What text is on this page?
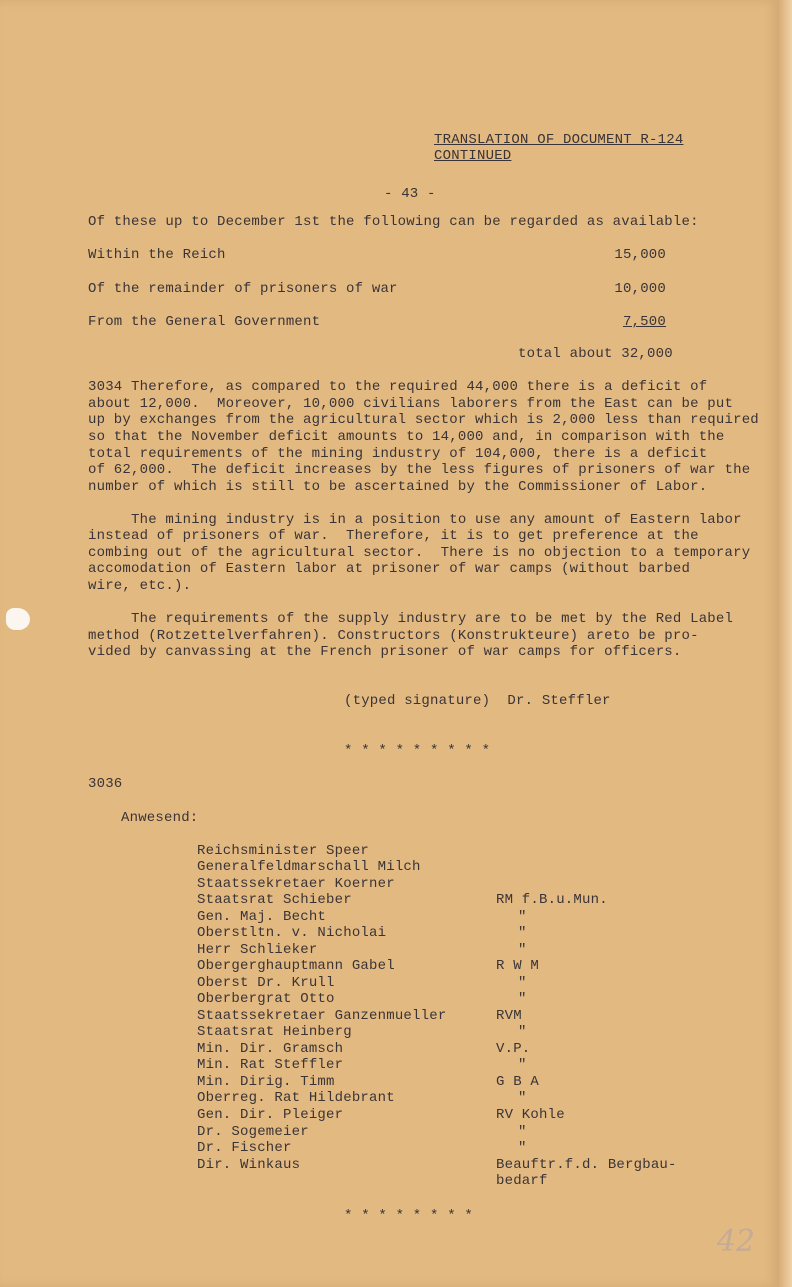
TRANSLATION OF DOCUMENT R-124
CONTINUED
- 43 -
Of these up to December 1st the following can be regarded as available:
Within the Reich	15,000
Of the remainder of prisoners of war	10,000
From the General Government	7,500
total about 32,000
3034 Therefore, as compared to the required 44,000 there is a deficit of
about 12,000.  Moreover, 10,000 civilians laborers from the East can be put
up by exchanges from the agricultural sector which is 2,000 less than required
so that the November deficit amounts to 14,000 and, in comparison with the
total requirements of the mining industry of 104,000, there is a deficit
of 62,000.  The deficit increases by the less figures of prisoners of war the
number of which is still to be ascertained by the Commissioner of Labor.
The mining industry is in a position to use any amount of Eastern labor
instead of prisoners of war.  Therefore, it is to get preference at the
combing out of the agricultural sector.  There is no objection to a temporary
accomodation of Eastern labor at prisoner of war camps (without barbed
wire, etc.).
The requirements of the supply industry are to be met by the Red Label
method (Rotzettelverfahren). Constructors (Konstrukteure) areto be pro-
vided by canvassing at the French prisoner of war camps for officers.
(typed signature)  Dr. Steffler
* * * * * * * * *
3036
Anwesend:
Reichsminister Speer
Generalfeldmarschall Milch
Staatssekretaer Koerner
Staatsrat Schieber	RM f.B.u.Mun.
Gen. Maj. Becht	"
Oberstltn. v. Nicholai	"
Herr Schlieker	"
Obergerghauptmann Gabel	R W M
Oberst Dr. Krull	"
Oberbergrat Otto	"
Staatssekretaer Ganzenmueller	RVM
Staatsrat Heinberg	"
Min. Dir. Gramsch	V.P.
Min. Rat Steffler	"
Min. Dirig. Timm	G B A
Oberreg. Rat Hildebrant	"
Gen. Dir. Pleiger	RV Kohle
Dr. Sogemeier	"
Dr. Fischer	"
Dir. Winkaus	Beauftr.f.d. Bergbau-
bedarf
* * * * * * * *
42
